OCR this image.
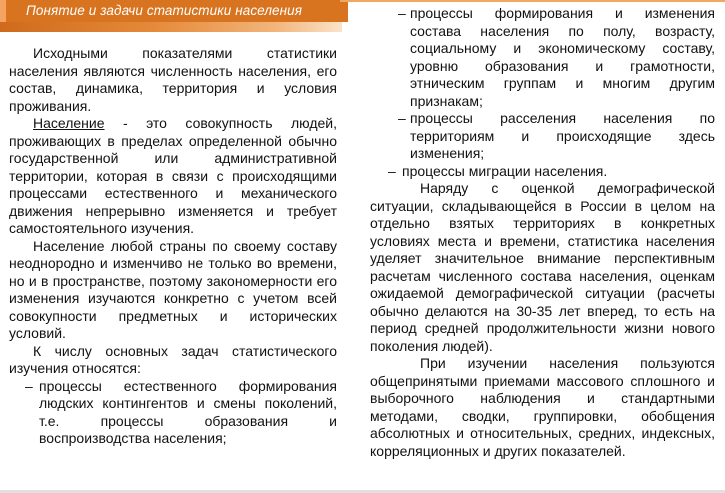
Понятие и задачи статистики населения

Исходными показателями статистики населения являются численность населения, его состав, динамика, территория и условия проживания.

Население - это совокупность людей, проживающих в пределах определенной обычно государственной или административной территории, которая в связи с происходящими процессами естественного и механического движения непрерывно изменяется и требует самостоятельного изучения.

Население любой страны по своему составу неоднородно и изменчиво не только во времени, но и в пространстве, поэтому закономерности его изменения изучаются конкретно с учетом всей совокупности предметных и исторических условий.

К числу основных задач статистического изучения относятся:

– процессы естественного формирования людских контингентов и смены поколений, т.е. процессы образования и воспроизводства населения;

– процессы формирования и изменения состава населения по полу, возрасту, социальному и экономическому составу, уровню образования и грамотности, этническим группам и многим другим признакам;

– процессы расселения населения по территориям и происходящие здесь изменения;

– процессы миграции населения.

Наряду с оценкой демографической ситуации, складывающейся в России в целом на отдельно взятых территориях в конкретных условиях места и времени, статистика населения уделяет значительное внимание перспективным расчетам численного состава населения, оценкам ожидаемой демографической ситуации (расчеты обычно делаются на 30-35 лет вперед, то есть на период средней продолжительности жизни нового поколения людей).

При изучении населения пользуются общепринятыми приемами массового сплошного и выборочного наблюдения и стандартными методами, сводки, группировки, обобщения абсолютных и относительных, средних, индексных, корреляционных и других показателей.
